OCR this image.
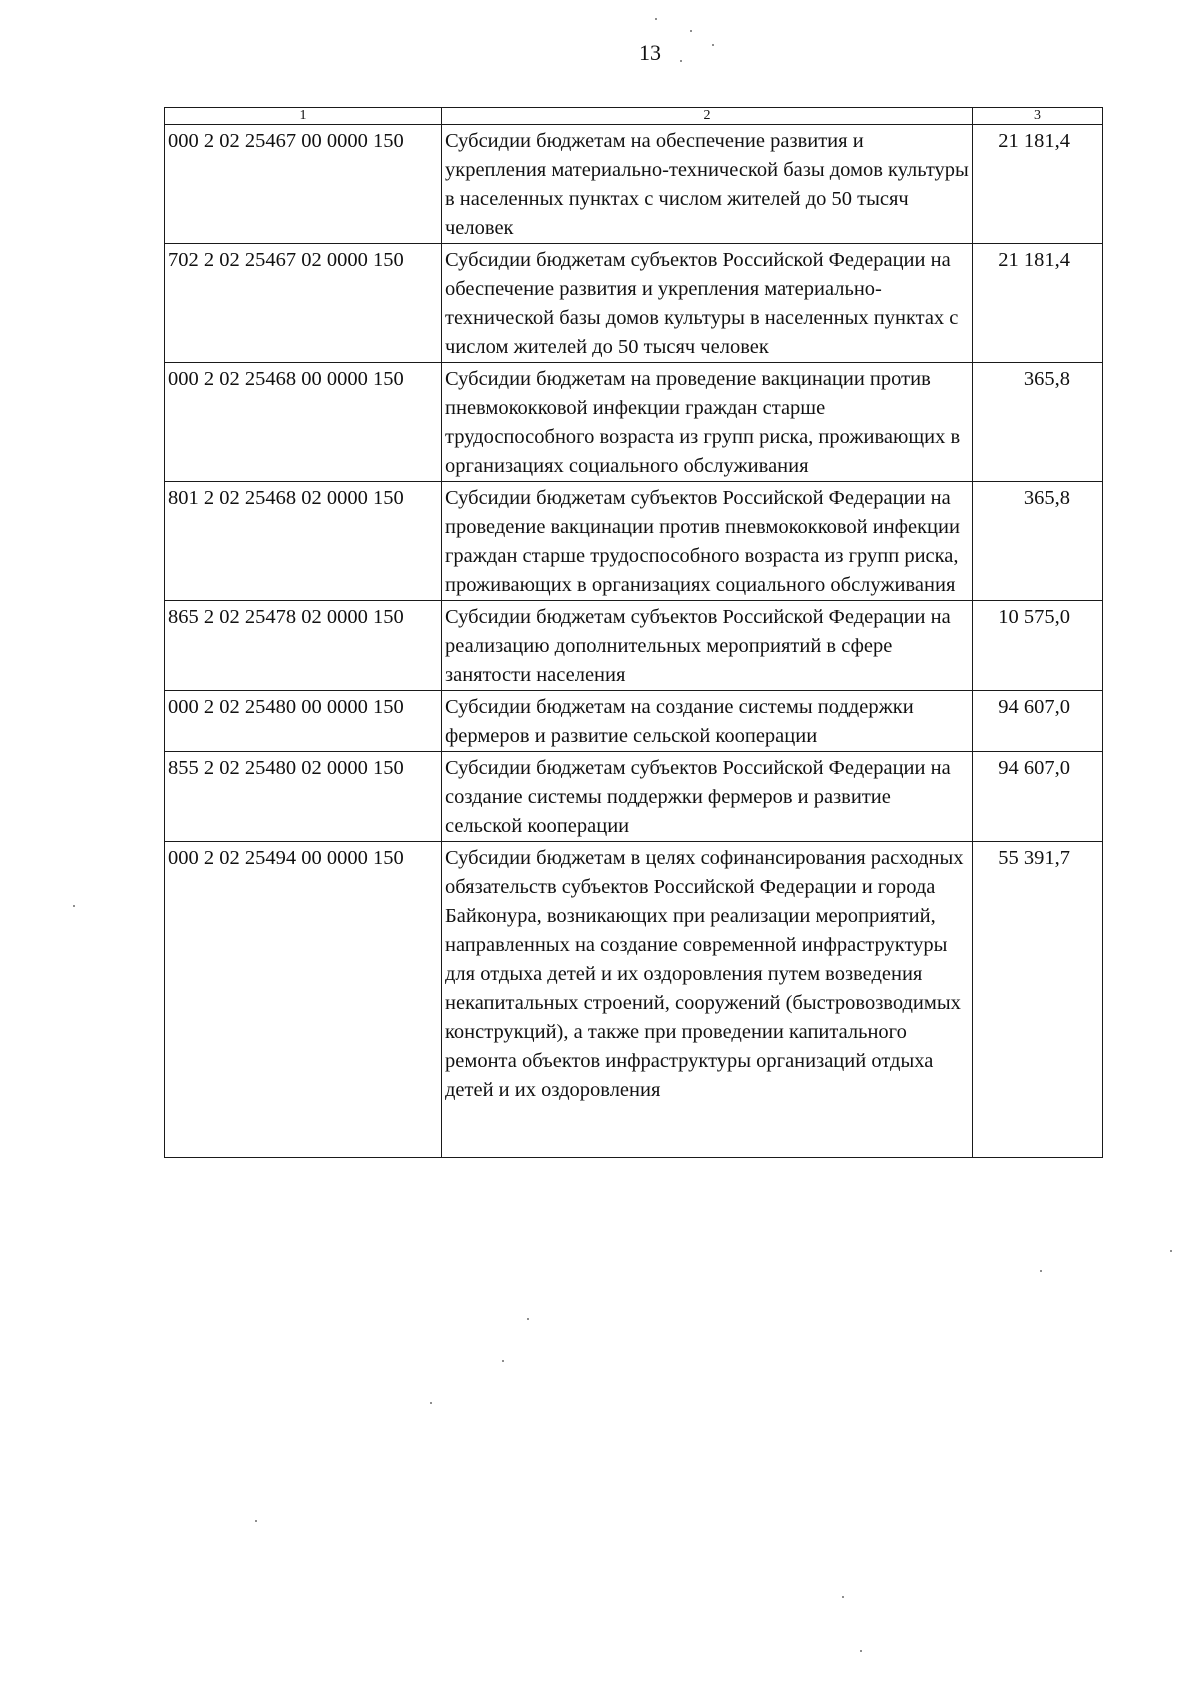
13
1	2	3
000 2 02 25467 00 0000 150	Субсидии бюджетам на обеспечение развития и укрепления материально-технической базы домов культуры в населенных пунктах с числом жителей до 50 тысяч человек	21 181,4
702 2 02 25467 02 0000 150	Субсидии бюджетам субъектов Российской Федерации на обеспечение развития и укрепления материально-технической базы домов культуры в населенных пунктах с числом жителей до 50 тысяч человек	21 181,4
000 2 02 25468 00 0000 150	Субсидии бюджетам на проведение вакцинации против пневмококковой инфекции граждан старше трудоспособного возраста из групп риска, проживающих в организациях социального обслуживания	365,8
801 2 02 25468 02 0000 150	Субсидии бюджетам субъектов Российской Федерации на проведение вакцинации против пневмококковой инфекции граждан старше трудоспособного возраста из групп риска, проживающих в организациях социального обслуживания	365,8
865 2 02 25478 02 0000 150	Субсидии бюджетам субъектов Российской Федерации на реализацию дополнительных мероприятий в сфере занятости населения	10 575,0
000 2 02 25480 00 0000 150	Субсидии бюджетам на создание системы поддержки фермеров и развитие сельской кооперации	94 607,0
855 2 02 25480 02 0000 150	Субсидии бюджетам субъектов Российской Федерации на создание системы поддержки фермеров и развитие сельской кооперации	94 607,0
000 2 02 25494 00 0000 150	Субсидии бюджетам в целях софинансирования расходных обязательств субъектов Российской Федерации и города Байконура, возникающих при реализации мероприятий, направленных на создание современной инфраструктуры для отдыха детей и их оздоровления путем возведения некапитальных строений, сооружений (быстровозводимых конструкций), а также при проведении капитального ремонта объектов инфраструктуры организаций отдыха детей и их оздоровления	55 391,7
